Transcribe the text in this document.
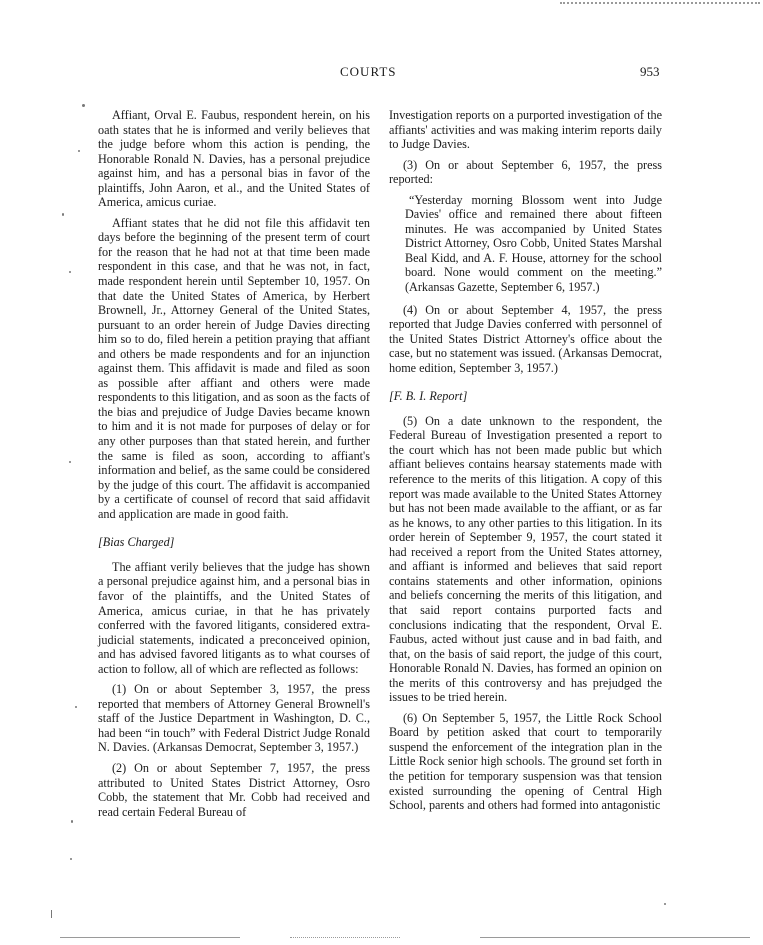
COURTS	953

Affiant, Orval E. Faubus, respondent herein, on his oath states that he is informed and verily believes that the judge before whom this action is pending, the Honorable Ronald N. Davies, has a personal prejudice against him, and has a personal bias in favor of the plaintiffs, John Aaron, et al., and the United States of America, amicus curiae.

Affiant states that he did not file this affidavit ten days before the beginning of the present term of court for the reason that he had not at that time been made respondent in this case, and that he was not, in fact, made respondent herein until September 10, 1957. On that date the United States of America, by Herbert Brownell, Jr., Attorney General of the United States, pursuant to an order herein of Judge Davies directing him so to do, filed herein a petition praying that affiant and others be made respondents and for an injunction against them. This affidavit is made and filed as soon as possible after affiant and others were made respondents to this litigation, and as soon as the facts of the bias and prejudice of Judge Davies became known to him and it is not made for purposes of delay or for any other purposes than that stated herein, and further the same is filed as soon, according to affiant's information and belief, as the same could be considered by the judge of this court. The affidavit is accompanied by a certificate of counsel of record that said affidavit and application are made in good faith.

[Bias Charged]

The affiant verily believes that the judge has shown a personal prejudice against him, and a personal bias in favor of the plaintiffs, and the United States of America, amicus curiae, in that he has privately conferred with the favored litigants, considered extra-judicial statements, indicated a preconceived opinion, and has advised favored litigants as to what courses of action to follow, all of which are reflected as follows:

(1) On or about September 3, 1957, the press reported that members of Attorney General Brownell's staff of the Justice Department in Washington, D. C., had been “in touch” with Federal District Judge Ronald N. Davies. (Arkansas Democrat, September 3, 1957.)

(2) On or about September 7, 1957, the press attributed to United States District Attorney, Osro Cobb, the statement that Mr. Cobb had received and read certain Federal Bureau of

Investigation reports on a purported investigation of the affiants' activities and was making interim reports daily to Judge Davies.

(3) On or about September 6, 1957, the press reported:

“Yesterday morning Blossom went into Judge Davies' office and remained there about fifteen minutes. He was accompanied by United States District Attorney, Osro Cobb, United States Marshal Beal Kidd, and A. F. House, attorney for the school board. None would comment on the meeting.” (Arkansas Gazette, September 6, 1957.)

(4) On or about September 4, 1957, the press reported that Judge Davies conferred with personnel of the United States District Attorney's office about the case, but no statement was issued. (Arkansas Democrat, home edition, September 3, 1957.)

[F. B. I. Report]

(5) On a date unknown to the respondent, the Federal Bureau of Investigation presented a report to the court which has not been made public but which affiant believes contains hearsay statements made with reference to the merits of this litigation. A copy of this report was made available to the United States Attorney but has not been made available to the affiant, or as far as he knows, to any other parties to this litigation. In its order herein of September 9, 1957, the court stated it had received a report from the United States attorney, and affiant is informed and believes that said report contains statements and other information, opinions and beliefs concerning the merits of this litigation, and that said report contains purported facts and conclusions indicating that the respondent, Orval E. Faubus, acted without just cause and in bad faith, and that, on the basis of said report, the judge of this court, Honorable Ronald N. Davies, has formed an opinion on the merits of this controversy and has prejudged the issues to be tried herein.

(6) On September 5, 1957, the Little Rock School Board by petition asked that court to temporarily suspend the enforcement of the integration plan in the Little Rock senior high schools. The ground set forth in the petition for temporary suspension was that tension existed surrounding the opening of Central High School, parents and others had formed into antagonistic
